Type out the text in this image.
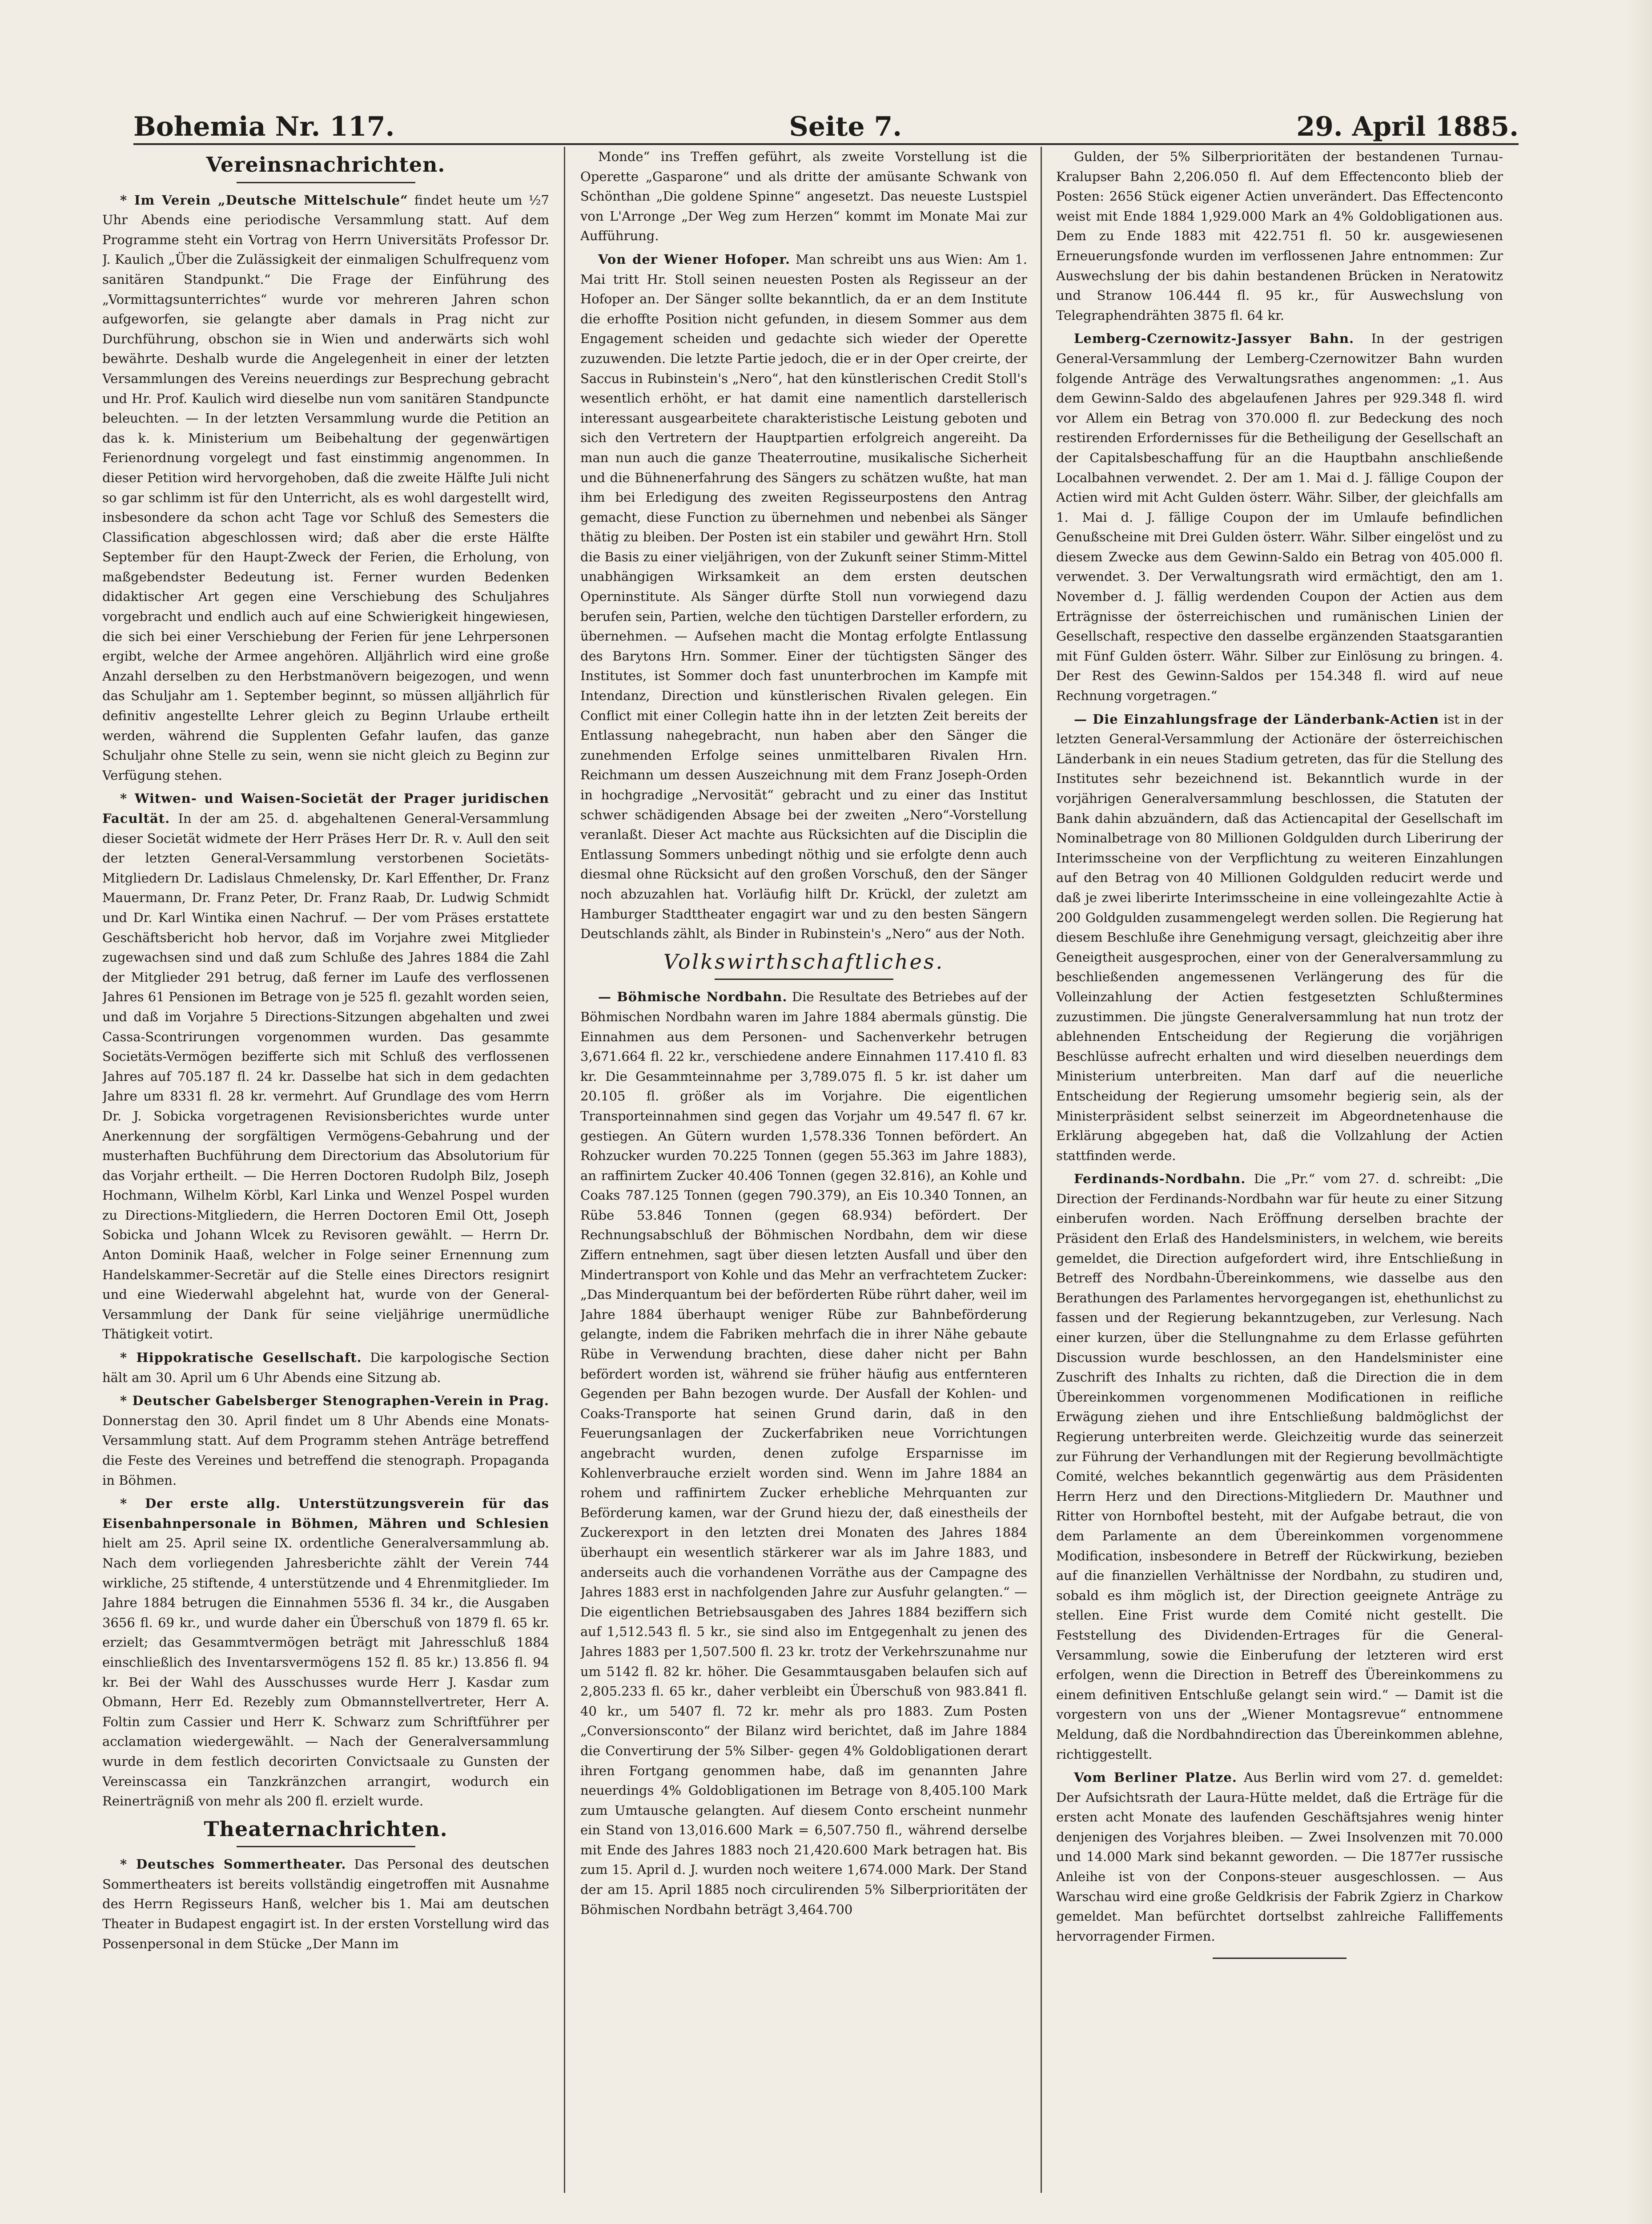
Bohemia Nr. 117.	Seite 7.	29. April 1885.
Vereinsnachrichten.

* Im Verein „Deutsche Mittelschule“ findet heute um ½7 Uhr Abends eine periodische Versammlung statt. Auf dem Programme steht ein Vortrag von Herrn Universitäts Professor Dr. J. Kaulich „Über die Zulässigkeit der einmaligen Schulfrequenz vom sanitären Standpunkt.“ Die Frage der Einführung des „Vormittagsunterrichtes“ wurde vor mehreren Jahren schon aufgeworfen, sie gelangte aber damals in Prag nicht zur Durchführung, obschon sie in Wien und anderwärts sich wohl bewährte. Deshalb wurde die Angelegenheit in einer der letzten Versammlungen des Vereins neuerdings zur Besprechung gebracht und Hr. Prof. Kaulich wird dieselbe nun vom sanitären Standpuncte beleuchten. — In der letzten Versammlung wurde die Petition an das k. k. Ministerium um Beibehaltung der gegenwärtigen Ferienordnung vorgelegt und fast einstimmig angenommen. In dieser Petition wird hervorgehoben, daß die zweite Hälfte Juli nicht so gar schlimm ist für den Unterricht, als es wohl dargestellt wird, insbesondere da schon acht Tage vor Schluß des Semesters die Classification abgeschlossen wird; daß aber die erste Hälfte September für den Haupt-Zweck der Ferien, die Erholung, von maßgebendster Bedeutung ist. Ferner wurden Bedenken didaktischer Art gegen eine Verschiebung des Schuljahres vorgebracht und endlich auch auf eine Schwierigkeit hingewiesen, die sich bei einer Verschiebung der Ferien für jene Lehrpersonen ergibt, welche der Armee angehören. Alljährlich wird eine große Anzahl derselben zu den Herbstmanövern beigezogen, und wenn das Schuljahr am 1. September beginnt, so müssen alljährlich für definitiv angestellte Lehrer gleich zu Beginn Urlaube ertheilt werden, während die Supplenten Gefahr laufen, das ganze Schuljahr ohne Stelle zu sein, wenn sie nicht gleich zu Beginn zur Verfügung stehen.

* Witwen- und Waisen-Societät der Prager juridischen Facultät. In der am 25. d. abgehaltenen General-Versammlung dieser Societät widmete der Herr Präses Herr Dr. R. v. Aull den seit der letzten General-Versammlung verstorbenen Societäts-Mitgliedern Dr. Ladislaus Chmelensky, Dr. Karl Effenther, Dr. Franz Mauermann, Dr. Franz Peter, Dr. Franz Raab, Dr. Ludwig Schmidt und Dr. Karl Wintika einen Nachruf. — Der vom Präses erstattete Geschäftsbericht hob hervor, daß im Vorjahre zwei Mitglieder zugewachsen sind und daß zum Schluße des Jahres 1884 die Zahl der Mitglieder 291 betrug, daß ferner im Laufe des verflossenen Jahres 61 Pensionen im Betrage von je 525 fl. gezahlt worden seien, und daß im Vorjahre 5 Directions-Sitzungen abgehalten und zwei Cassa-Scontrirungen vorgenommen wurden. Das gesammte Societäts-Vermögen bezifferte sich mit Schluß des verflossenen Jahres auf 705.187 fl. 24 kr. Dasselbe hat sich in dem gedachten Jahre um 8331 fl. 28 kr. vermehrt. Auf Grundlage des vom Herrn Dr. J. Sobicka vorgetragenen Revisionsberichtes wurde unter Anerkennung der sorgfältigen Vermögens-Gebahrung und der musterhaften Buchführung dem Directorium das Absolutorium für das Vorjahr ertheilt. — Die Herren Doctoren Rudolph Bilz, Joseph Hochmann, Wilhelm Körbl, Karl Linka und Wenzel Pospel wurden zu Directions-Mitgliedern, die Herren Doctoren Emil Ott, Joseph Sobicka und Johann Wlcek zu Revisoren gewählt. — Herrn Dr. Anton Dominik Haaß, welcher in Folge seiner Ernennung zum Handelskammer-Secretär auf die Stelle eines Directors resignirt und eine Wiederwahl abgelehnt hat, wurde von der General-Versammlung der Dank für seine vieljährige unermüdliche Thätigkeit votirt.

* Hippokratische Gesellschaft. Die karpologische Section hält am 30. April um 6 Uhr Abends eine Sitzung ab.

* Deutscher Gabelsberger Stenographen-Verein in Prag. Donnerstag den 30. April findet um 8 Uhr Abends eine Monats-Versammlung statt. Auf dem Programm stehen Anträge betreffend die Feste des Vereines und betreffend die stenograph. Propaganda in Böhmen.

* Der erste allg. Unterstützungsverein für das Eisenbahnpersonale in Böhmen, Mähren und Schlesien hielt am 25. April seine IX. ordentliche Generalversammlung ab. Nach dem vorliegenden Jahresberichte zählt der Verein 744 wirkliche, 25 stiftende, 4 unterstützende und 4 Ehrenmitglieder. Im Jahre 1884 betrugen die Einnahmen 5536 fl. 34 kr., die Ausgaben 3656 fl. 69 kr., und wurde daher ein Überschuß von 1879 fl. 65 kr. erzielt; das Gesammtvermögen beträgt mit Jahresschluß 1884 einschließlich des Inventarsvermögens 152 fl. 85 kr.) 13.856 fl. 94 kr. Bei der Wahl des Ausschusses wurde Herr J. Kasdar zum Obmann, Herr Ed. Rezebly zum Obmannstellvertreter, Herr A. Foltin zum Cassier und Herr K. Schwarz zum Schriftführer per acclamation wiedergewählt. — Nach der Generalversammlung wurde in dem festlich decorirten Convictsaale zu Gunsten der Vereinscassa ein Tanzkränzchen arrangirt, wodurch ein Reinerträgniß von mehr als 200 fl. erzielt wurde.

Theaternachrichten.

* Deutsches Sommertheater. Das Personal des deutschen Sommertheaters ist bereits vollständig eingetroffen mit Ausnahme des Herrn Regisseurs Hanß, welcher bis 1. Mai am deutschen Theater in Budapest engagirt ist. In der ersten Vorstellung wird das Possenpersonal in dem Stücke „Der Mann im

Monde“ ins Treffen geführt, als zweite Vorstellung ist die Operette „Gasparone“ und als dritte der amüsante Schwank von Schönthan „Die goldene Spinne“ angesetzt. Das neueste Lustspiel von L'Arronge „Der Weg zum Herzen“ kommt im Monate Mai zur Aufführung.

Von der Wiener Hofoper. Man schreibt uns aus Wien: Am 1. Mai tritt Hr. Stoll seinen neuesten Posten als Regisseur an der Hofoper an. Der Sänger sollte bekanntlich, da er an dem Institute die erhoffte Position nicht gefunden, in diesem Sommer aus dem Engagement scheiden und gedachte sich wieder der Operette zuzuwenden. Die letzte Partie jedoch, die er in der Oper creirte, der Saccus in Rubinstein's „Nero“, hat den künstlerischen Credit Stoll's wesentlich erhöht, er hat damit eine namentlich darstellerisch interessant ausgearbeitete charakteristische Leistung geboten und sich den Vertretern der Hauptpartien erfolgreich angereiht. Da man nun auch die ganze Theaterroutine, musikalische Sicherheit und die Bühnenerfahrung des Sängers zu schätzen wußte, hat man ihm bei Erledigung des zweiten Regisseurpostens den Antrag gemacht, diese Function zu übernehmen und nebenbei als Sänger thätig zu bleiben. Der Posten ist ein stabiler und gewährt Hrn. Stoll die Basis zu einer vieljährigen, von der Zukunft seiner Stimm-Mittel unabhängigen Wirksamkeit an dem ersten deutschen Operninstitute. Als Sänger dürfte Stoll nun vorwiegend dazu berufen sein, Partien, welche den tüchtigen Darsteller erfordern, zu übernehmen. — Aufsehen macht die Montag erfolgte Entlassung des Barytons Hrn. Sommer. Einer der tüchtigsten Sänger des Institutes, ist Sommer doch fast ununterbrochen im Kampfe mit Intendanz, Direction und künstlerischen Rivalen gelegen. Ein Conflict mit einer Collegin hatte ihn in der letzten Zeit bereits der Entlassung nahegebracht, nun haben aber den Sänger die zunehmenden Erfolge seines unmittelbaren Rivalen Hrn. Reichmann um dessen Auszeichnung mit dem Franz Joseph-Orden in hochgradige „Nervosität“ gebracht und zu einer das Institut schwer schädigenden Absage bei der zweiten „Nero“-Vorstellung veranlaßt. Dieser Act machte aus Rücksichten auf die Disciplin die Entlassung Sommers unbedingt nöthig und sie erfolgte denn auch diesmal ohne Rücksicht auf den großen Vorschuß, den der Sänger noch abzuzahlen hat. Vorläufig hilft Dr. Krückl, der zuletzt am Hamburger Stadttheater engagirt war und zu den besten Sängern Deutschlands zählt, als Binder in Rubinstein's „Nero“ aus der Noth.

Volkswirthschaftliches.

— Böhmische Nordbahn. Die Resultate des Betriebes auf der Böhmischen Nordbahn waren im Jahre 1884 abermals günstig. Die Einnahmen aus dem Personen- und Sachenverkehr betrugen 3,671.664 fl. 22 kr., verschiedene andere Einnahmen 117.410 fl. 83 kr. Die Gesammteinnahme per 3,789.075 fl. 5 kr. ist daher um 20.105 fl. größer als im Vorjahre. Die eigentlichen Transporteinnahmen sind gegen das Vorjahr um 49.547 fl. 67 kr. gestiegen. An Gütern wurden 1,578.336 Tonnen befördert. An Rohzucker wurden 70.225 Tonnen (gegen 55.363 im Jahre 1883), an raffinirtem Zucker 40.406 Tonnen (gegen 32.816), an Kohle und Coaks 787.125 Tonnen (gegen 790.379), an Eis 10.340 Tonnen, an Rübe 53.846 Tonnen (gegen 68.934) befördert. Der Rechnungsabschluß der Böhmischen Nordbahn, dem wir diese Ziffern entnehmen, sagt über diesen letzten Ausfall und über den Mindertransport von Kohle und das Mehr an verfrachtetem Zucker: „Das Minderquantum bei der beförderten Rübe rührt daher, weil im Jahre 1884 überhaupt weniger Rübe zur Bahnbeförderung gelangte, indem die Fabriken mehrfach die in ihrer Nähe gebaute Rübe in Verwendung brachten, diese daher nicht per Bahn befördert worden ist, während sie früher häufig aus entfernteren Gegenden per Bahn bezogen wurde. Der Ausfall der Kohlen- und Coaks-Transporte hat seinen Grund darin, daß in den Feuerungsanlagen der Zuckerfabriken neue Vorrichtungen angebracht wurden, denen zufolge Ersparnisse im Kohlenverbrauche erzielt worden sind. Wenn im Jahre 1884 an rohem und raffinirtem Zucker erhebliche Mehrquanten zur Beförderung kamen, war der Grund hiezu der, daß einestheils der Zuckerexport in den letzten drei Monaten des Jahres 1884 überhaupt ein wesentlich stärkerer war als im Jahre 1883, und anderseits auch die vorhandenen Vorräthe aus der Campagne des Jahres 1883 erst in nachfolgenden Jahre zur Ausfuhr gelangten.“ — Die eigentlichen Betriebsausgaben des Jahres 1884 beziffern sich auf 1,512.543 fl. 5 kr., sie sind also im Entgegenhalt zu jenen des Jahres 1883 per 1,507.500 fl. 23 kr. trotz der Verkehrszunahme nur um 5142 fl. 82 kr. höher. Die Gesammtausgaben belaufen sich auf 2,805.233 fl. 65 kr., daher verbleibt ein Überschuß von 983.841 fl. 40 kr., um 5407 fl. 72 kr. mehr als pro 1883. Zum Posten „Conversionsconto“ der Bilanz wird berichtet, daß im Jahre 1884 die Convertirung der 5% Silber- gegen 4% Goldobligationen derart ihren Fortgang genommen habe, daß im genannten Jahre neuerdings 4% Goldobligationen im Betrage von 8,405.100 Mark zum Umtausche gelangten. Auf diesem Conto erscheint nunmehr ein Stand von 13,016.600 Mark = 6,507.750 fl., während derselbe mit Ende des Jahres 1883 noch 21,420.600 Mark betragen hat. Bis zum 15. April d. J. wurden noch weitere 1,674.000 Mark. Der Stand der am 15. April 1885 noch circulirenden 5% Silberprioritäten der Böhmischen Nordbahn beträgt 3,464.700

Gulden, der 5% Silberprioritäten der bestandenen Turnau-Kralupser Bahn 2,206.050 fl. Auf dem Effectenconto blieb der Posten: 2656 Stück eigener Actien unverändert. Das Effectenconto weist mit Ende 1884 1,929.000 Mark an 4% Goldobligationen aus. Dem zu Ende 1883 mit 422.751 fl. 50 kr. ausgewiesenen Erneuerungsfonde wurden im verflossenen Jahre entnommen: Zur Auswechslung der bis dahin bestandenen Brücken in Neratowitz und Stranow 106.444 fl. 95 kr., für Auswechslung von Telegraphendrähten 3875 fl. 64 kr.

Lemberg-Czernowitz-Jassyer Bahn. In der gestrigen General-Versammlung der Lemberg-Czernowitzer Bahn wurden folgende Anträge des Verwaltungsrathes angenommen: „1. Aus dem Gewinn-Saldo des abgelaufenen Jahres per 929.348 fl. wird vor Allem ein Betrag von 370.000 fl. zur Bedeckung des noch restirenden Erfordernisses für die Betheiligung der Gesellschaft an der Capitalsbeschaffung für an die Hauptbahn anschließende Localbahnen verwendet. 2. Der am 1. Mai d. J. fällige Coupon der Actien wird mit Acht Gulden österr. Währ. Silber, der gleichfalls am 1. Mai d. J. fällige Coupon der im Umlaufe befindlichen Genußscheine mit Drei Gulden österr. Währ. Silber eingelöst und zu diesem Zwecke aus dem Gewinn-Saldo ein Betrag von 405.000 fl. verwendet. 3. Der Verwaltungsrath wird ermächtigt, den am 1. November d. J. fällig werdenden Coupon der Actien aus dem Erträgnisse der österreichischen und rumänischen Linien der Gesellschaft, respective den dasselbe ergänzenden Staatsgarantien mit Fünf Gulden österr. Währ. Silber zur Einlösung zu bringen. 4. Der Rest des Gewinn-Saldos per 154.348 fl. wird auf neue Rechnung vorgetragen.“

— Die Einzahlungsfrage der Länderbank-Actien ist in der letzten General-Versammlung der Actionäre der österreichischen Länderbank in ein neues Stadium getreten, das für die Stellung des Institutes sehr bezeichnend ist. Bekanntlich wurde in der vorjährigen Generalversammlung beschlossen, die Statuten der Bank dahin abzuändern, daß das Actiencapital der Gesellschaft im Nominalbetrage von 80 Millionen Goldgulden durch Liberirung der Interimsscheine von der Verpflichtung zu weiteren Einzahlungen auf den Betrag von 40 Millionen Goldgulden reducirt werde und daß je zwei liberirte Interimsscheine in eine volleingezahlte Actie à 200 Goldgulden zusammengelegt werden sollen. Die Regierung hat diesem Beschluße ihre Genehmigung versagt, gleichzeitig aber ihre Geneigtheit ausgesprochen, einer von der Generalversammlung zu beschließenden angemessenen Verlängerung des für die Volleinzahlung der Actien festgesetzten Schlußtermines zuzustimmen. Die jüngste Generalversammlung hat nun trotz der ablehnenden Entscheidung der Regierung die vorjährigen Beschlüsse aufrecht erhalten und wird dieselben neuerdings dem Ministerium unterbreiten. Man darf auf die neuerliche Entscheidung der Regierung umsomehr begierig sein, als der Ministerpräsident selbst seinerzeit im Abgeordnetenhause die Erklärung abgegeben hat, daß die Vollzahlung der Actien stattfinden werde.

Ferdinands-Nordbahn. Die „Pr.“ vom 27. d. schreibt: „Die Direction der Ferdinands-Nordbahn war für heute zu einer Sitzung einberufen worden. Nach Eröffnung derselben brachte der Präsident den Erlaß des Handelsministers, in welchem, wie bereits gemeldet, die Direction aufgefordert wird, ihre Entschließung in Betreff des Nordbahn-Übereinkommens, wie dasselbe aus den Berathungen des Parlamentes hervorgegangen ist, ehethunlichst zu fassen und der Regierung bekanntzugeben, zur Verlesung. Nach einer kurzen, über die Stellungnahme zu dem Erlasse geführten Discussion wurde beschlossen, an den Handelsminister eine Zuschrift des Inhalts zu richten, daß die Direction die in dem Übereinkommen vorgenommenen Modificationen in reifliche Erwägung ziehen und ihre Entschließung baldmöglichst der Regierung unterbreiten werde. Gleichzeitig wurde das seinerzeit zur Führung der Verhandlungen mit der Regierung bevollmächtigte Comité, welches bekanntlich gegenwärtig aus dem Präsidenten Herrn Herz und den Directions-Mitgliedern Dr. Mauthner und Ritter von Hornboftel besteht, mit der Aufgabe betraut, die von dem Parlamente an dem Übereinkommen vorgenommene Modification, insbesondere in Betreff der Rückwirkung, bezieben auf die finanziellen Verhältnisse der Nordbahn, zu studiren und, sobald es ihm möglich ist, der Direction geeignete Anträge zu stellen. Eine Frist wurde dem Comité nicht gestellt. Die Feststellung des Dividenden-Ertrages für die General-Versammlung, sowie die Einberufung der letzteren wird erst erfolgen, wenn die Direction in Betreff des Übereinkommens zu einem definitiven Entschluße gelangt sein wird.“ — Damit ist die vorgestern von uns der „Wiener Montagsrevue“ entnommene Meldung, daß die Nordbahndirection das Übereinkommen ablehne, richtiggestellt.

Vom Berliner Platze. Aus Berlin wird vom 27. d. gemeldet: Der Aufsichtsrath der Laura-Hütte meldet, daß die Erträge für die ersten acht Monate des laufenden Geschäftsjahres wenig hinter denjenigen des Vorjahres bleiben. — Zwei Insolvenzen mit 70.000 und 14.000 Mark sind bekannt geworden. — Die 1877er russische Anleihe ist von der Conpons-steuer ausgeschlossen. — Aus Warschau wird eine große Geldkrisis der Fabrik Zgierz in Charkow gemeldet. Man befürchtet dortselbst zahlreiche Falliffements hervorragender Firmen.
